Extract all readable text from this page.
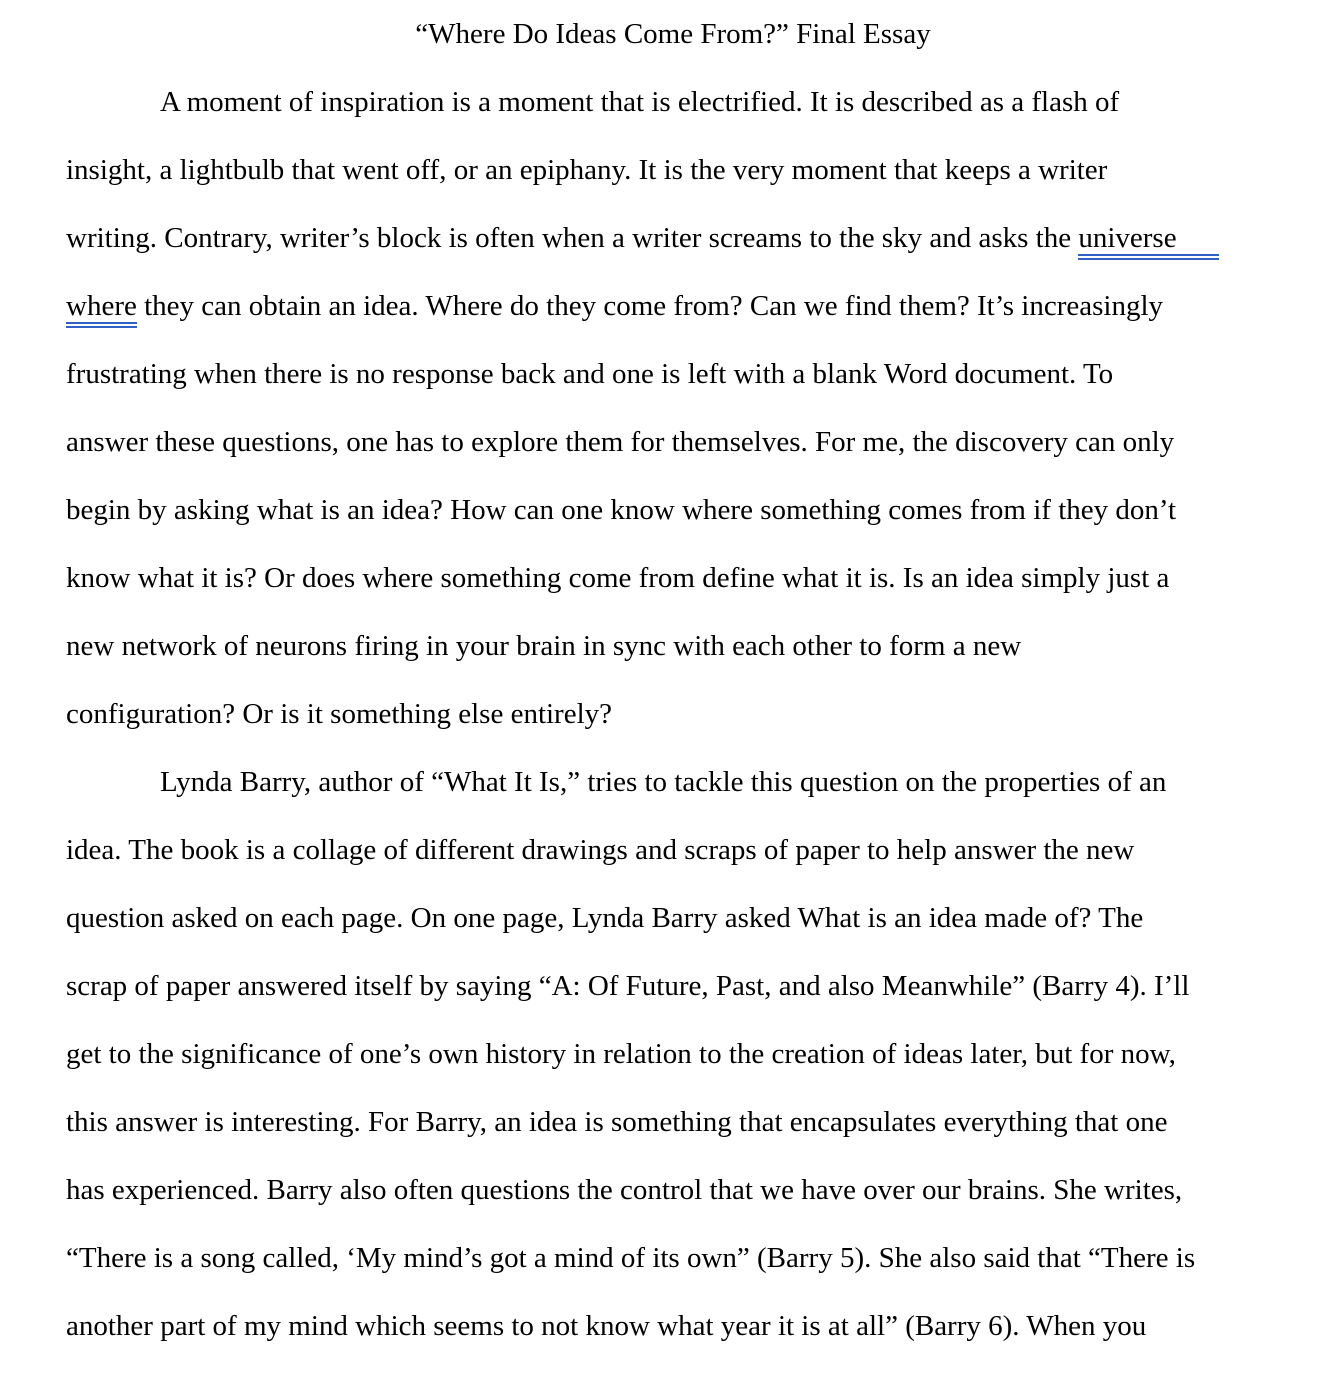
“Where Do Ideas Come From?” Final Essay
A moment of inspiration is a moment that is electrified. It is described as a flash of
insight, a lightbulb that went off, or an epiphany. It is the very moment that keeps a writer
writing. Contrary, writer’s block is often when a writer screams to the sky and asks the universe
where they can obtain an idea. Where do they come from? Can we find them? It’s increasingly
frustrating when there is no response back and one is left with a blank Word document. To
answer these questions, one has to explore them for themselves. For me, the discovery can only
begin by asking what is an idea? How can one know where something comes from if they don’t
know what it is? Or does where something come from define what it is. Is an idea simply just a
new network of neurons firing in your brain in sync with each other to form a new
configuration? Or is it something else entirely?
Lynda Barry, author of “What It Is,” tries to tackle this question on the properties of an
idea. The book is a collage of different drawings and scraps of paper to help answer the new
question asked on each page. On one page, Lynda Barry asked What is an idea made of? The
scrap of paper answered itself by saying “A: Of Future, Past, and also Meanwhile” (Barry 4). I’ll
get to the significance of one’s own history in relation to the creation of ideas later, but for now,
this answer is interesting. For Barry, an idea is something that encapsulates everything that one
has experienced. Barry also often questions the control that we have over our brains. She writes,
“There is a song called, ‘My mind’s got a mind of its own” (Barry 5). She also said that “There is
another part of my mind which seems to not know what year it is at all” (Barry 6). When you
